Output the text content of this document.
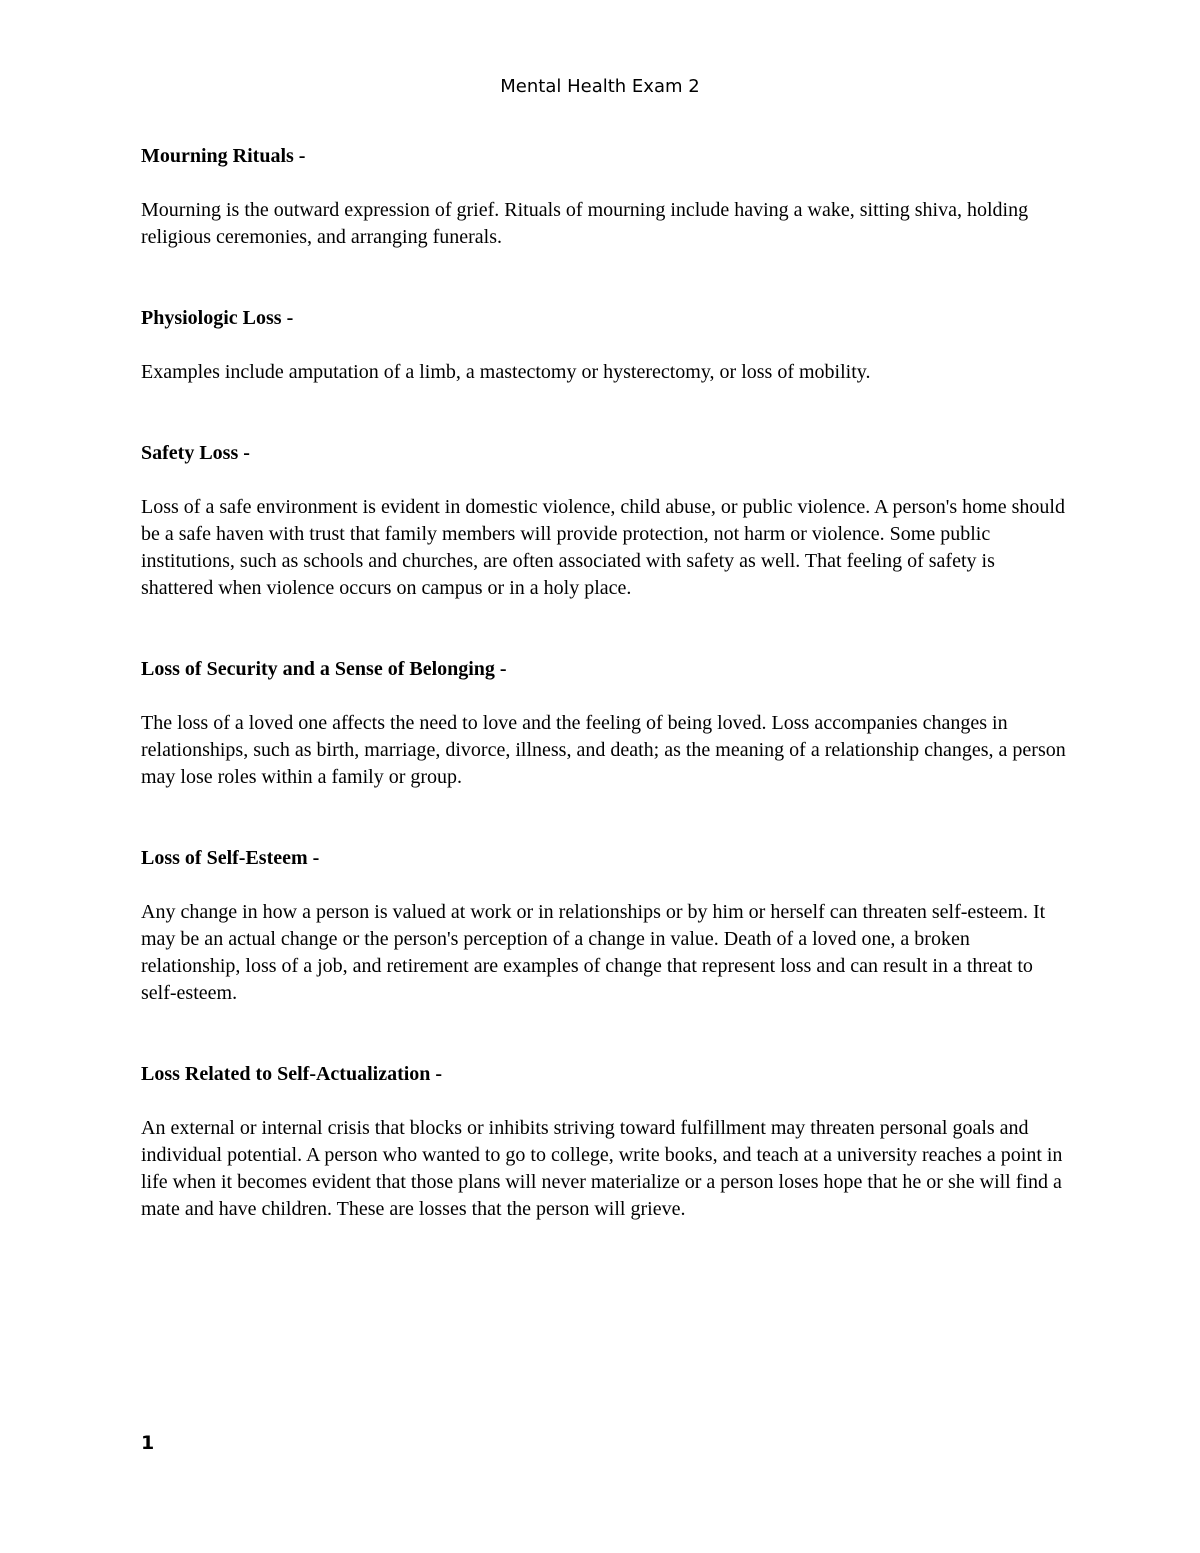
Mental Health Exam 2

Mourning Rituals -

Mourning is the outward expression of grief. Rituals of mourning include having a wake, sitting shiva, holding religious ceremonies, and arranging funerals.

Physiologic Loss -

Examples include amputation of a limb, a mastectomy or hysterectomy, or loss of mobility.

Safety Loss -

Loss of a safe environment is evident in domestic violence, child abuse, or public violence. A person's home should be a safe haven with trust that family members will provide protection, not harm or violence. Some public institutions, such as schools and churches, are often associated with safety as well. That feeling of safety is shattered when violence occurs on campus or in a holy place.

Loss of Security and a Sense of Belonging -

The loss of a loved one affects the need to love and the feeling of being loved. Loss accompanies changes in relationships, such as birth, marriage, divorce, illness, and death; as the meaning of a relationship changes, a person may lose roles within a family or group.

Loss of Self-Esteem -

Any change in how a person is valued at work or in relationships or by him or herself can threaten self-esteem. It may be an actual change or the person's perception of a change in value. Death of a loved one, a broken relationship, loss of a job, and retirement are examples of change that represent loss and can result in a threat to self-esteem.

Loss Related to Self-Actualization -

An external or internal crisis that blocks or inhibits striving toward fulfillment may threaten personal goals and individual potential. A person who wanted to go to college, write books, and teach at a university reaches a point in life when it becomes evident that those plans will never materialize or a person loses hope that he or she will find a mate and have children. These are losses that the person will grieve.

1
